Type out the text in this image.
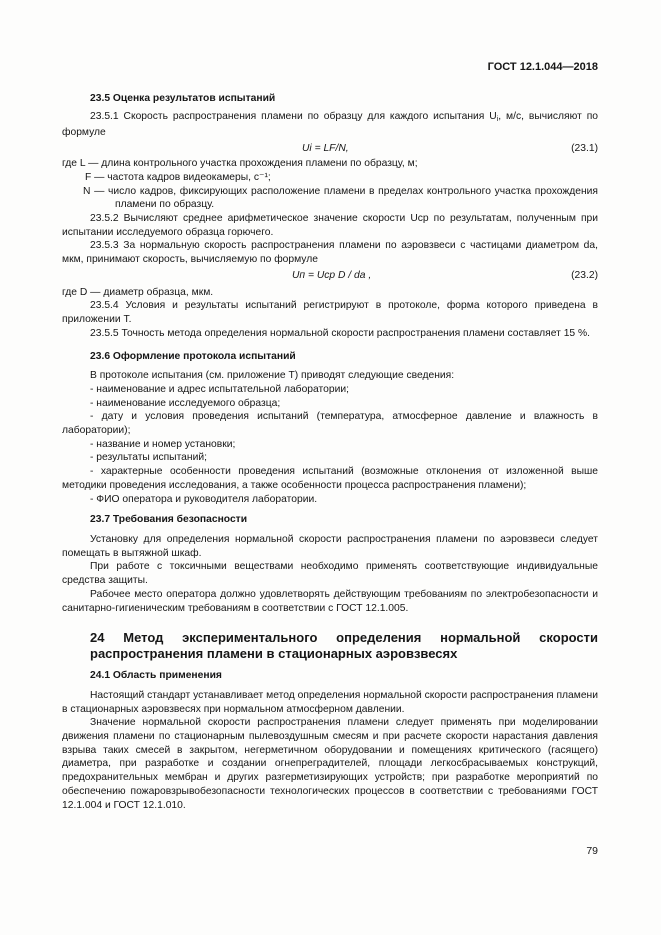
ГОСТ 12.1.044—2018

23.5 Оценка результатов испытаний

23.5.1 Скорость распространения пламени по образцу для каждого испытания $U_i$, м/с, вычисляют по формуле

Ui = LF/N,	(23.1)

где L — длина контрольного участка прохождения пламени по образцу, м;

F — частота кадров видеокамеры, с⁻¹;

N — число кадров, фиксирующих расположение пламени в пределах контрольного участка прохождения пламени по образцу.

23.5.2 Вычисляют среднее арифметическое значение скорости Uср по результатам, полученным при испытании исследуемого образца горючего.

23.5.3 За нормальную скорость распространения пламени по аэровзвеси с частицами диаметром dа, мкм, принимают скорость, вычисляемую по формуле

Uп = Uср D / dа ,	(23.2)

где D — диаметр образца, мкм.

23.5.4 Условия и результаты испытаний регистрируют в протоколе, форма которого приведена в приложении Т.

23.5.5 Точность метода определения нормальной скорости распространения пламени составляет 15 %.

23.6 Оформление протокола испытаний

В протоколе испытания (см. приложение Т) приводят следующие сведения:

- наименование и адрес испытательной лаборатории;

- наименование исследуемого образца;

- дату и условия проведения испытаний (температура, атмосферное давление и влажность в лаборатории);

- название и номер установки;

- результаты испытаний;

- характерные особенности проведения испытаний (возможные отклонения от изложенной выше методики проведения исследования, а также особенности процесса распространения пламени);

- ФИО оператора и руководителя лаборатории.

23.7 Требования безопасности

Установку для определения нормальной скорости распространения пламени по аэровзвеси следует помещать в вытяжной шкаф.

При работе с токсичными веществами необходимо применять соответствующие индивидуальные средства защиты.

Рабочее место оператора должно удовлетворять действующим требованиям по электробезопасности и санитарно-гигиеническим требованиям в соответствии с ГОСТ 12.1.005.

24 Метод экспериментального определения нормальной скорости распространения пламени в стационарных аэровзвесях

24.1 Область применения

Настоящий стандарт устанавливает метод определения нормальной скорости распространения пламени в стационарных аэровзвесях при нормальном атмосферном давлении.

Значение нормальной скорости распространения пламени следует применять при моделировании движения пламени по стационарным пылевоздушным смесям и при расчете скорости нарастания давления взрыва таких смесей в закрытом, негерметичном оборудовании и помещениях критического (гасящего) диаметра, при разработке и создании огнепреградителей, площади легкосбрасываемых конструкций, предохранительных мембран и других разгерметизирующих устройств; при разработке мероприятий по обеспечению пожаровзрывобезопасности технологических процессов в соответствии с требованиями ГОСТ 12.1.004 и ГОСТ 12.1.010.

79
